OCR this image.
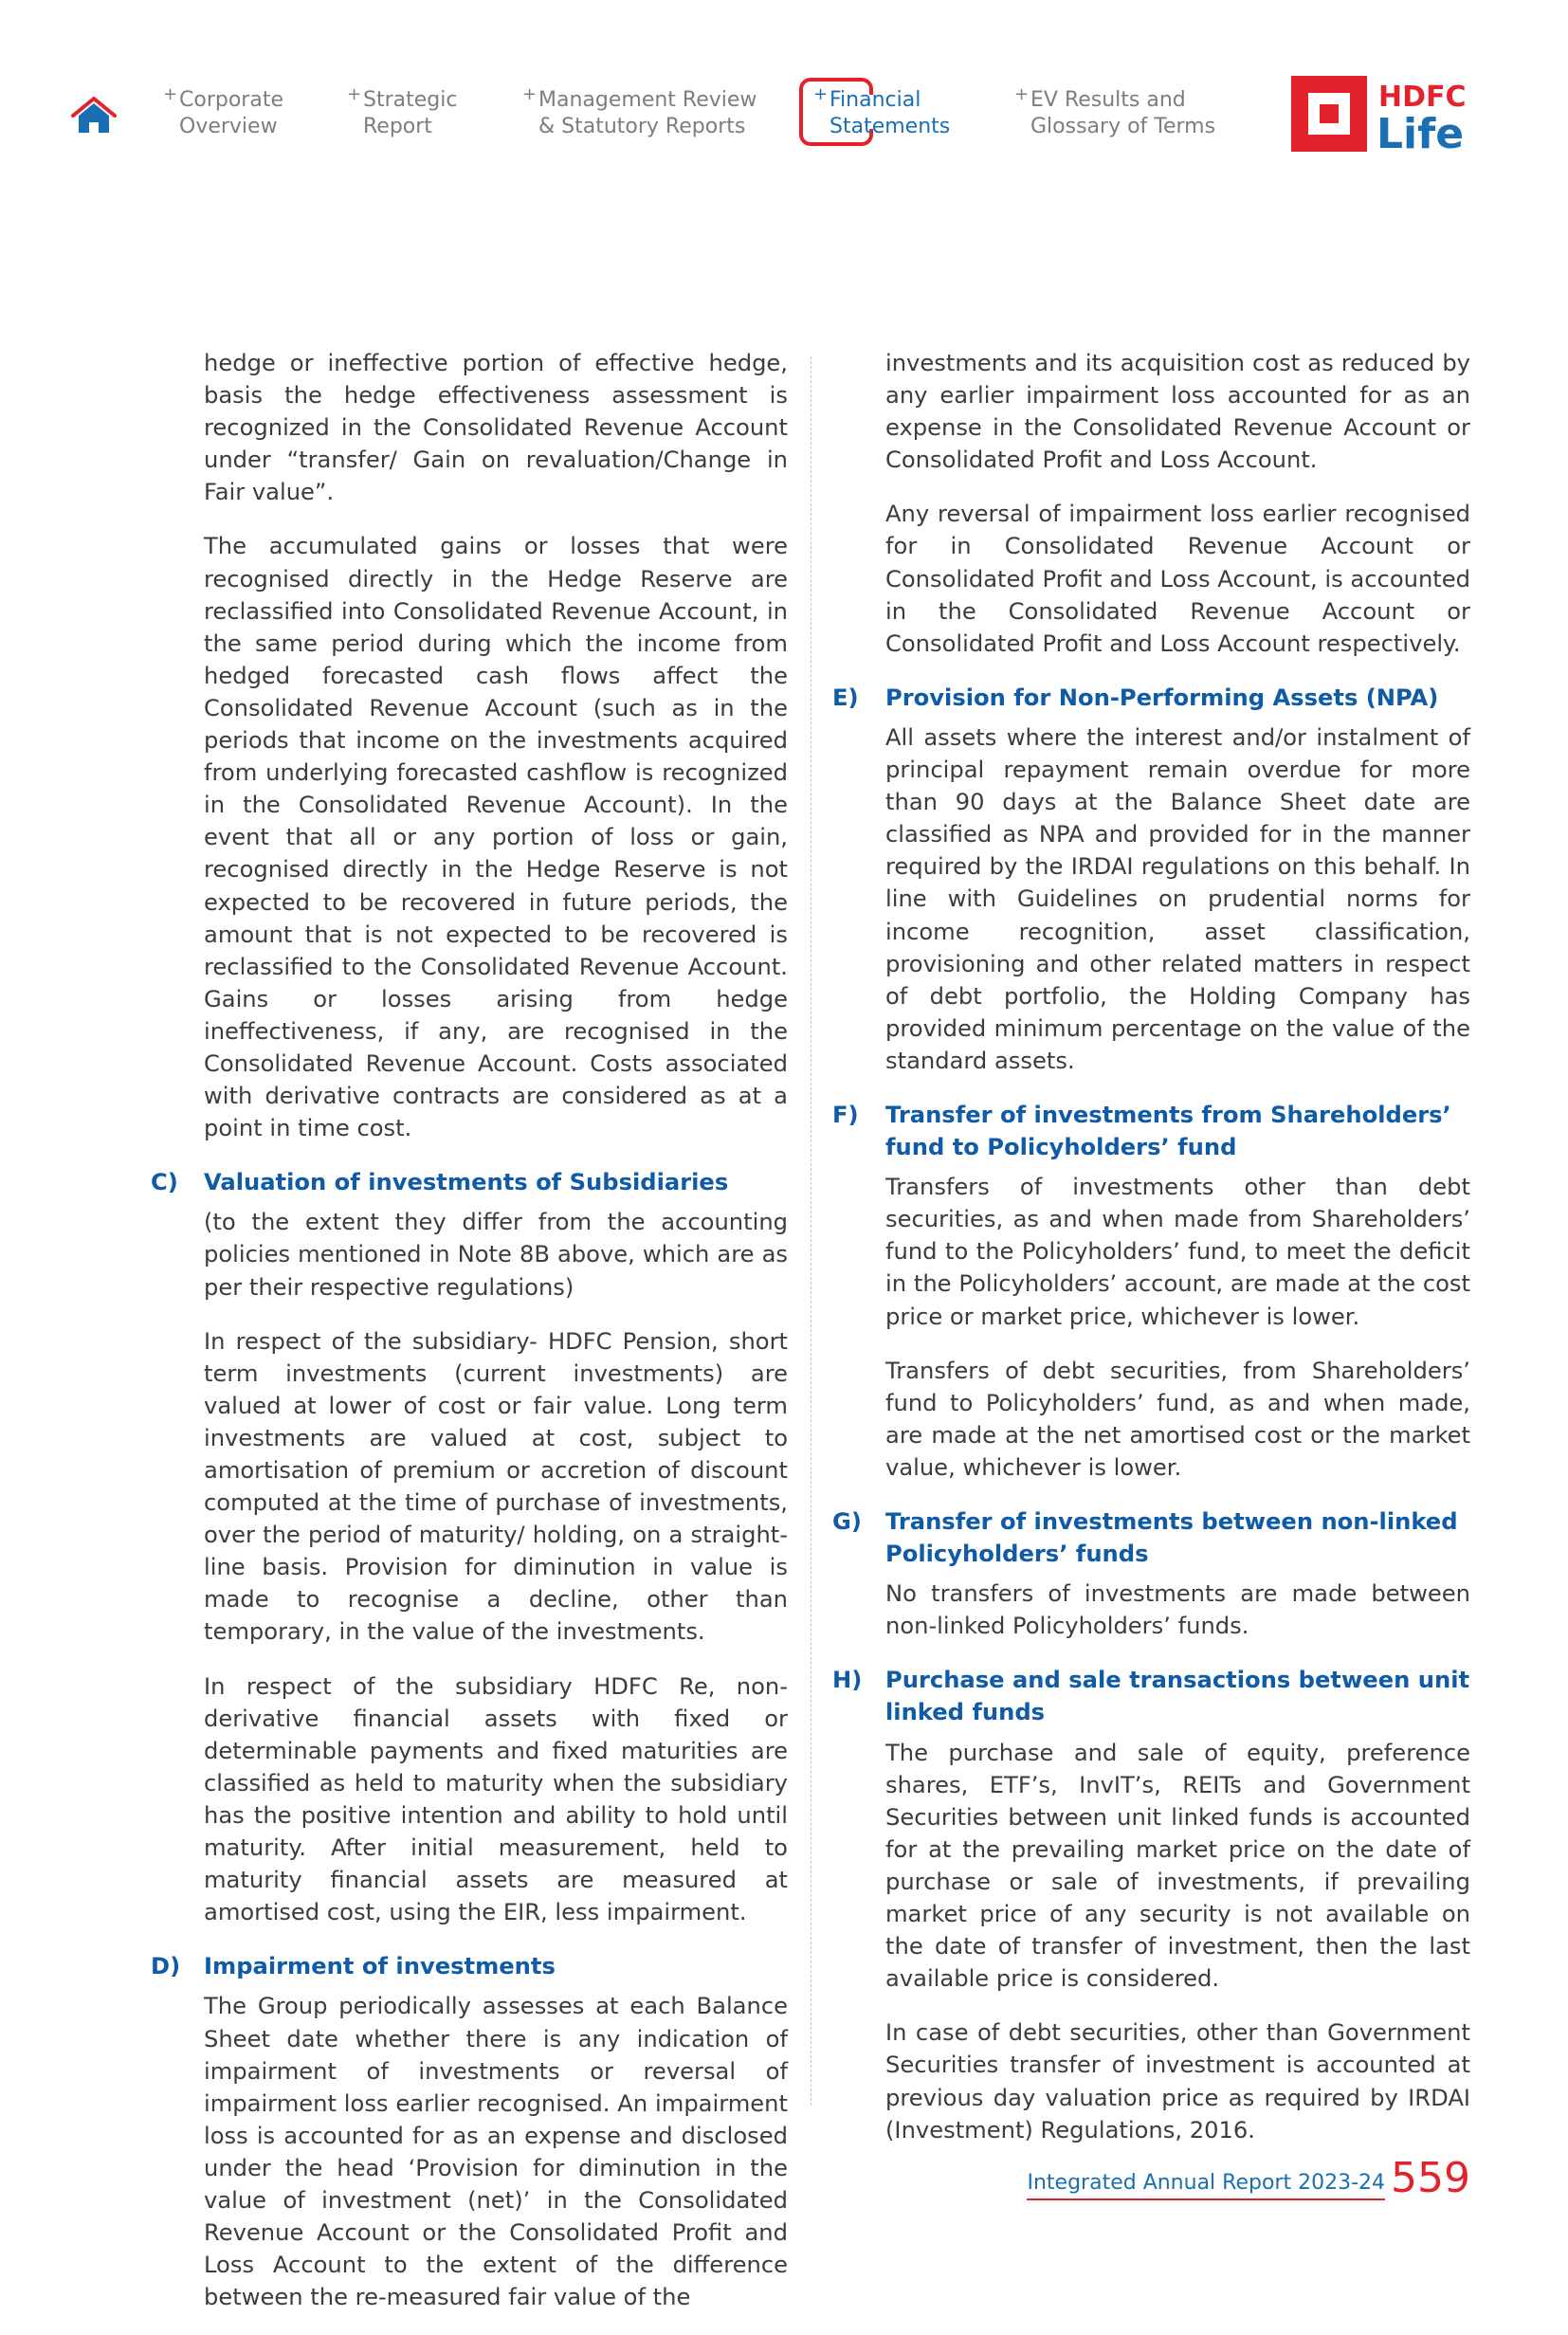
+ Corporate
Overview
+ Strategic
Report
+ Management Review
& Statutory Reports
+ Financial
Statements
+ EV Results and
Glossary of Terms
HDFC
Life

hedge or ineffective portion of effective hedge, basis the hedge effectiveness assessment is recognized in the Consolidated Revenue Account under “transfer/ Gain on revaluation/Change in Fair value”.

The accumulated gains or losses that were recognised directly in the Hedge Reserve are reclassified into Consolidated Revenue Account, in the same period during which the income from hedged forecasted cash flows affect the Consolidated Revenue Account (such as in the periods that income on the investments acquired from underlying forecasted cashflow is recognized in the Consolidated Revenue Account). In the event that all or any portion of loss or gain, recognised directly in the Hedge Reserve is not expected to be recovered in future periods, the amount that is not expected to be recovered is reclassified to the Consolidated Revenue Account. Gains or losses arising from hedge ineffectiveness, if any, are recognised in the Consolidated Revenue Account. Costs associated with derivative contracts are considered as at a point in time cost.

C) Valuation of investments of Subsidiaries

(to the extent they differ from the accounting policies mentioned in Note 8B above, which are as per their respective regulations)

In respect of the subsidiary- HDFC Pension, short term investments (current investments) are valued at lower of cost or fair value. Long term investments are valued at cost, subject to amortisation of premium or accretion of discount computed at the time of purchase of investments, over the period of maturity/ holding, on a straight-line basis. Provision for diminution in value is made to recognise a decline, other than temporary, in the value of the investments.

In respect of the subsidiary HDFC Re, non-derivative financial assets with fixed or determinable payments and fixed maturities are classified as held to maturity when the subsidiary has the positive intention and ability to hold until maturity. After initial measurement, held to maturity financial assets are measured at amortised cost, using the EIR, less impairment.

D) Impairment of investments

The Group periodically assesses at each Balance Sheet date whether there is any indication of impairment of investments or reversal of impairment loss earlier recognised. An impairment loss is accounted for as an expense and disclosed under the head ‘Provision for diminution in the value of investment (net)’ in the Consolidated Revenue Account or the Consolidated Profit and Loss Account to the extent of the difference between the re-measured fair value of the

investments and its acquisition cost as reduced by any earlier impairment loss accounted for as an expense in the Consolidated Revenue Account or Consolidated Profit and Loss Account.

Any reversal of impairment loss earlier recognised for in Consolidated Revenue Account or Consolidated Profit and Loss Account, is accounted in the Consolidated Revenue Account or Consolidated Profit and Loss Account respectively.

E) Provision for Non-Performing Assets (NPA)

All assets where the interest and/or instalment of principal repayment remain overdue for more than 90 days at the Balance Sheet date are classified as NPA and provided for in the manner required by the IRDAI regulations on this behalf. In line with Guidelines on prudential norms for income recognition, asset classification, provisioning and other related matters in respect of debt portfolio, the Holding Company has provided minimum percentage on the value of the standard assets.

F) Transfer of investments from Shareholders’ fund to Policyholders’ fund

Transfers of investments other than debt securities, as and when made from Shareholders’ fund to the Policyholders’ fund, to meet the deficit in the Policyholders’ account, are made at the cost price or market price, whichever is lower.

Transfers of debt securities, from Shareholders’ fund to Policyholders’ fund, as and when made, are made at the net amortised cost or the market value, whichever is lower.

G) Transfer of investments between non-linked Policyholders’ funds

No transfers of investments are made between non-linked Policyholders’ funds.

H) Purchase and sale transactions between unit linked funds

The purchase and sale of equity, preference shares, ETF’s, InvIT’s, REITs and Government Securities between unit linked funds is accounted for at the prevailing market price on the date of purchase or sale of investments, if prevailing market price of any security is not available on the date of transfer of investment, then the last available price is considered.

In case of debt securities, other than Government Securities transfer of investment is accounted at previous day valuation price as required by IRDAI (Investment) Regulations, 2016.

Integrated Annual Report 2023-24 559
